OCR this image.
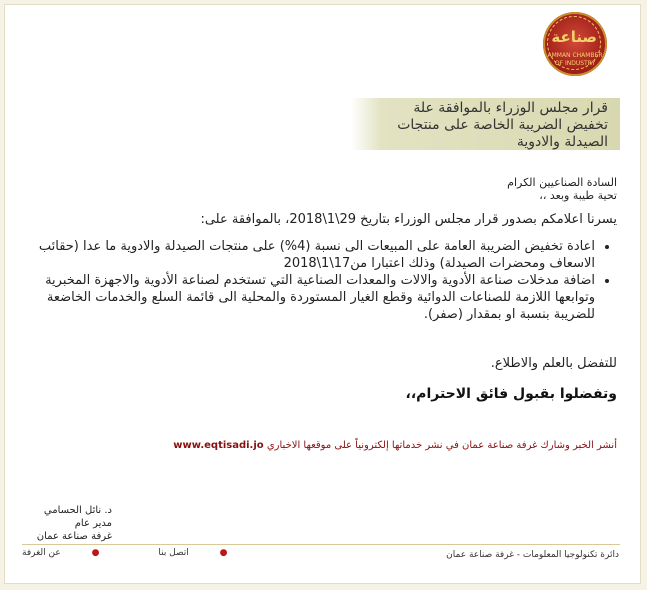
صناعة
AMMAN CHAMBER OF INDUSTRY
قرار مجلس الوزراء بالموافقة علة تخفيض الضريبة الخاصة على منتجات الصيدلة والادوية
السادة الصناعيين الكرام
تحية طيبة وبعد ،،
يسرنا اعلامكم بصدور قرار مجلس الوزراء بتاريخ 29\1\2018، بالموافقة على:
• اعادة تخفيض الضريبة العامة على المبيعات الى نسبة (4%) على منتجات الصيدلة والادوية ما عدا (حقائب الاسعاف ومحضرات الصيدلة) وذلك اعتبارا من17\1\2018
• اضافة مدخلات صناعة الأدوية والالات والمعدات الصناعية التي تستخدم لصناعة الأدوية والاجهزة المخبرية وتوابعها اللازمة للصناعات الدوائية وقطع الغيار المستوردة والمحلية الى قائمة السلع والخدمات الخاضعة للضريبة بنسبة او بمقدار (صفر).
للتفضل بالعلم والاطلاع.
وتفضلوا بقبول فائق الاحترام،،
أنشر الخبر وشارك غرفة صناعة عمان في نشر خدماتها إلكترونياً على موقعها الاخباري www.eqtisadi.jo
د. نائل الحسامي
مدير عام
غرفة صناعة عمان
● اتصل بنا ● عن الغرفة	دائرة تكنولوجيا المعلومات - غرفة صناعة عمان
